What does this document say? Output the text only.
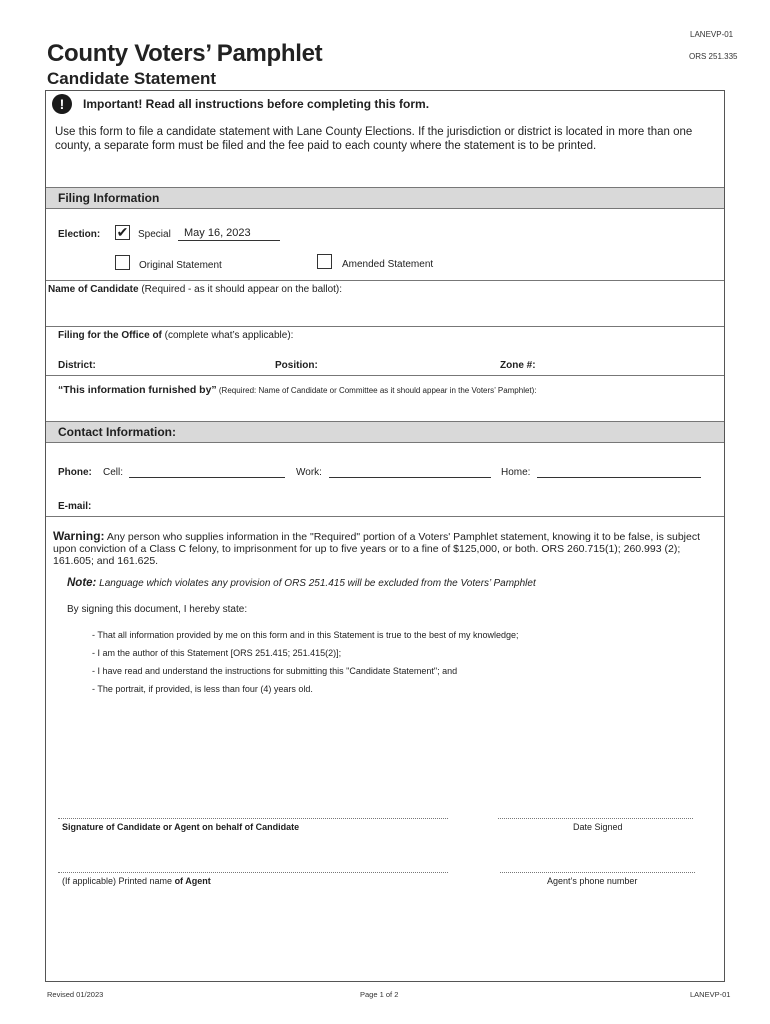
LANEVP-01
ORS 251.335
County Voters’ Pamphlet
Candidate Statement
!	Important! Read all instructions before completing this form.
Use this form to file a candidate statement with Lane County Elections. If the jurisdiction or district is located in more than one county, a separate form must be filed and the fee paid to each county where the statement is to be printed.
Filing Information
Election: ✔ Special May 16, 2023
Original Statement	Amended Statement
Name of Candidate (Required - as it should appear on the ballot):
Filing for the Office of (complete what’s applicable):
District:	Position:	Zone #:
“This information furnished by” (Required: Name of Candidate or Committee as it should appear in the Voters’ Pamphlet):
Contact Information:
Phone: Cell:	Work:	Home:
E-mail:
Warning: Any person who supplies information in the "Required" portion of a Voters' Pamphlet statement, knowing it to be false, is subject upon conviction of a Class C felony, to imprisonment for up to five years or to a fine of $125,000, or both. ORS 260.715(1); 260.993 (2); 161.605; and 161.625.
Note: Language which violates any provision of ORS 251.415 will be excluded from the Voters’ Pamphlet
By signing this document, I hereby state:
- That all information provided by me on this form and in this Statement is true to the best of my knowledge;
- I am the author of this Statement [ORS 251.415; 251.415(2)];
- I have read and understand the instructions for submitting this "Candidate Statement"; and
- The portrait, if provided, is less than four (4) years old.
Signature of Candidate or Agent on behalf of Candidate	Date Signed
(If applicable) Printed name of Agent	Agent’s phone number
Revised 01/2023	Page 1 of 2	LANEVP-01
